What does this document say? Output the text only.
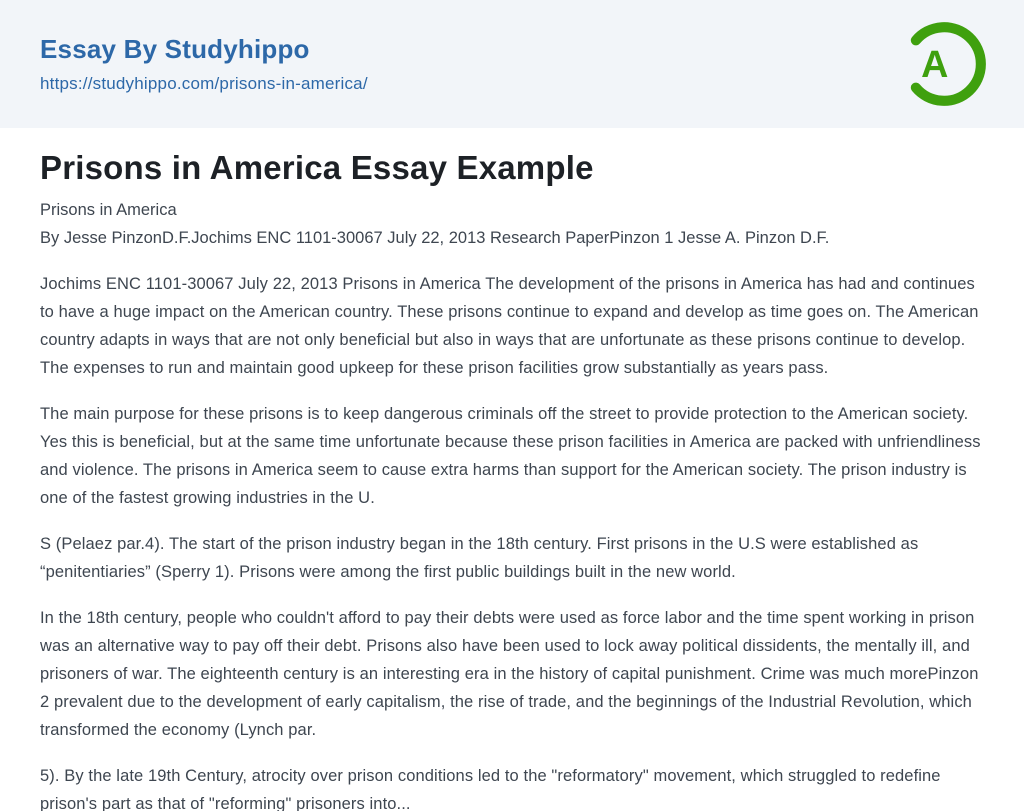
Essay By Studyhippo
https://studyhippo.com/prisons-in-america/	A
Prisons in America Essay Example
Prisons in America
By Jesse PinzonD.F.Jochims ENC 1101-30067 July 22, 2013 Research PaperPinzon 1 Jesse A. Pinzon D.F.

Jochims ENC 1101-30067 July 22, 2013 Prisons in America The development of the prisons in America has had and continues to have a huge impact on the American country. These prisons continue to expand and develop as time goes on. The American country adapts in ways that are not only beneficial but also in ways that are unfortunate as these prisons continue to develop. The expenses to run and maintain good upkeep for these prison facilities grow substantially as years pass.

The main purpose for these prisons is to keep dangerous criminals off the street to provide protection to the American society. Yes this is beneficial, but at the same time unfortunate because these prison facilities in America are packed with unfriendliness and violence. The prisons in America seem to cause extra harms than support for the American society. The prison industry is one of the fastest growing industries in the U.

S (Pelaez par.4). The start of the prison industry began in the 18th century. First prisons in the U.S were established as “penitentiaries” (Sperry 1). Prisons were among the first public buildings built in the new world.

In the 18th century, people who couldn't afford to pay their debts were used as force labor and the time spent working in prison was an alternative way to pay off their debt. Prisons also have been used to lock away political dissidents, the mentally ill, and prisoners of war. The eighteenth century is an interesting era in the history of capital punishment. Crime was much morePinzon 2 prevalent due to the development of early capitalism, the rise of trade, and the beginnings of the Industrial Revolution, which transformed the economy (Lynch par.

5). By the late 19th Century, atrocity over prison conditions led to the "reformatory" movement, which struggled to redefine prison's part as that of "reforming" prisoners into...
